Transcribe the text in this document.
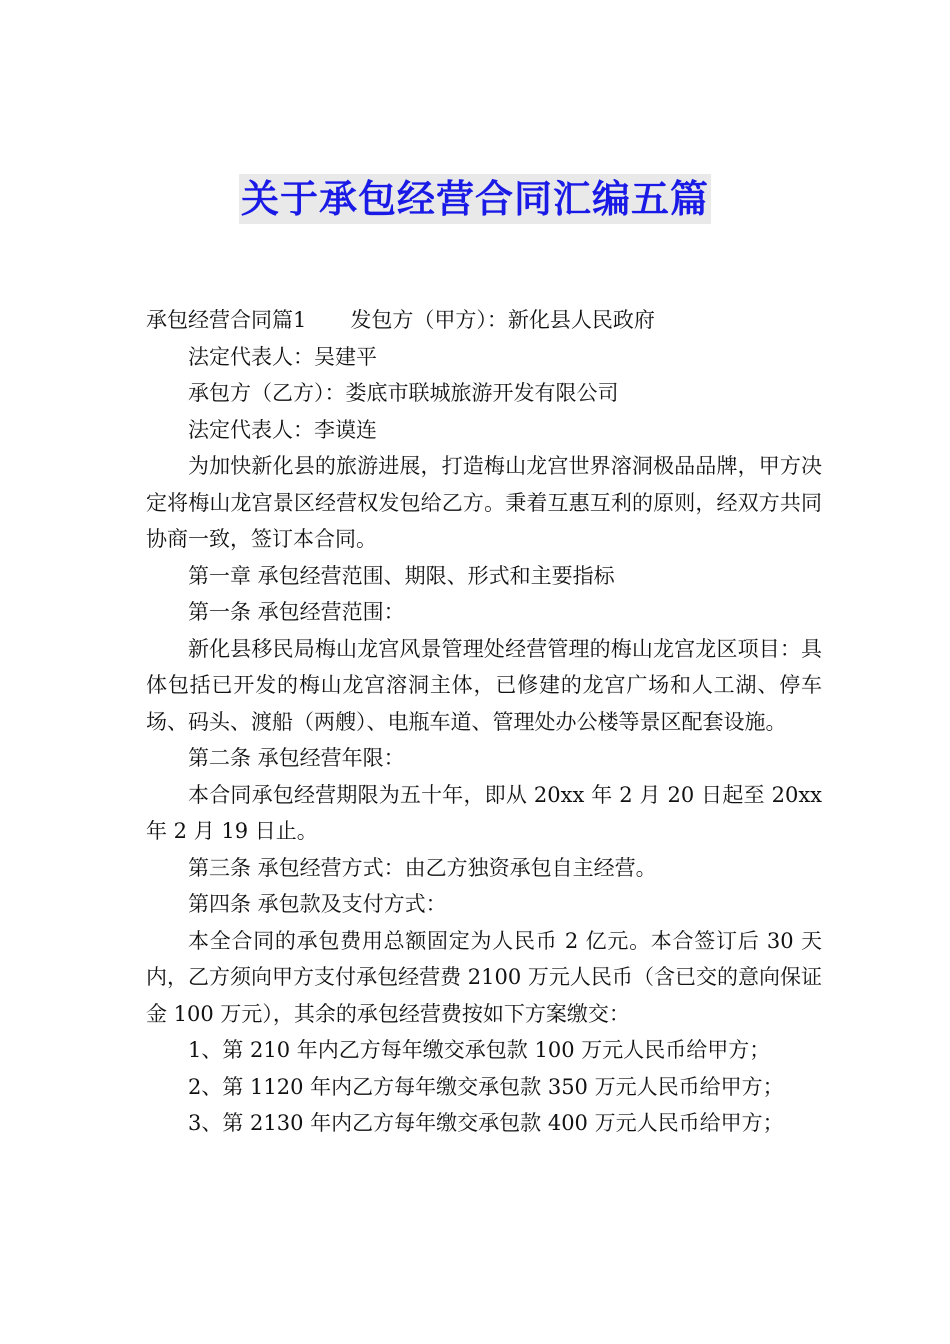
关于承包经营合同汇编五篇

承包经营合同篇1 发包方（甲方）：新化县人民政府

法定代表人：吴建平

承包方（乙方）：娄底市联城旅游开发有限公司

法定代表人：李谟连

为加快新化县的旅游进展，打造梅山龙宫世界溶洞极品品牌，甲方决定将梅山龙宫景区经营权发包给乙方。秉着互惠互利的原则，经双方共同协商一致，签订本合同。

第一章 承包经营范围、期限、形式和主要指标

第一条 承包经营范围：

新化县移民局梅山龙宫风景管理处经营管理的梅山龙宫龙区项目：具体包括已开发的梅山龙宫溶洞主体，已修建的龙宫广场和人工湖、停车场、码头、渡船（两艘）、电瓶车道、管理处办公楼等景区配套设施。

第二条 承包经营年限：

本合同承包经营期限为五十年，即从 20xx 年 2 月 20 日起至 20xx 年 2 月 19 日止。

第三条 承包经营方式：由乙方独资承包自主经营。

第四条 承包款及支付方式：

本全合同的承包费用总额固定为人民币 2 亿元。本合签订后 30 天内，乙方须向甲方支付承包经营费 2100 万元人民币（含已交的意向保证金 100 万元），其余的承包经营费按如下方案缴交：

1、第 210 年内乙方每年缴交承包款 100 万元人民币给甲方；

2、第 1120 年内乙方每年缴交承包款 350 万元人民币给甲方；

3、第 2130 年内乙方每年缴交承包款 400 万元人民币给甲方；
